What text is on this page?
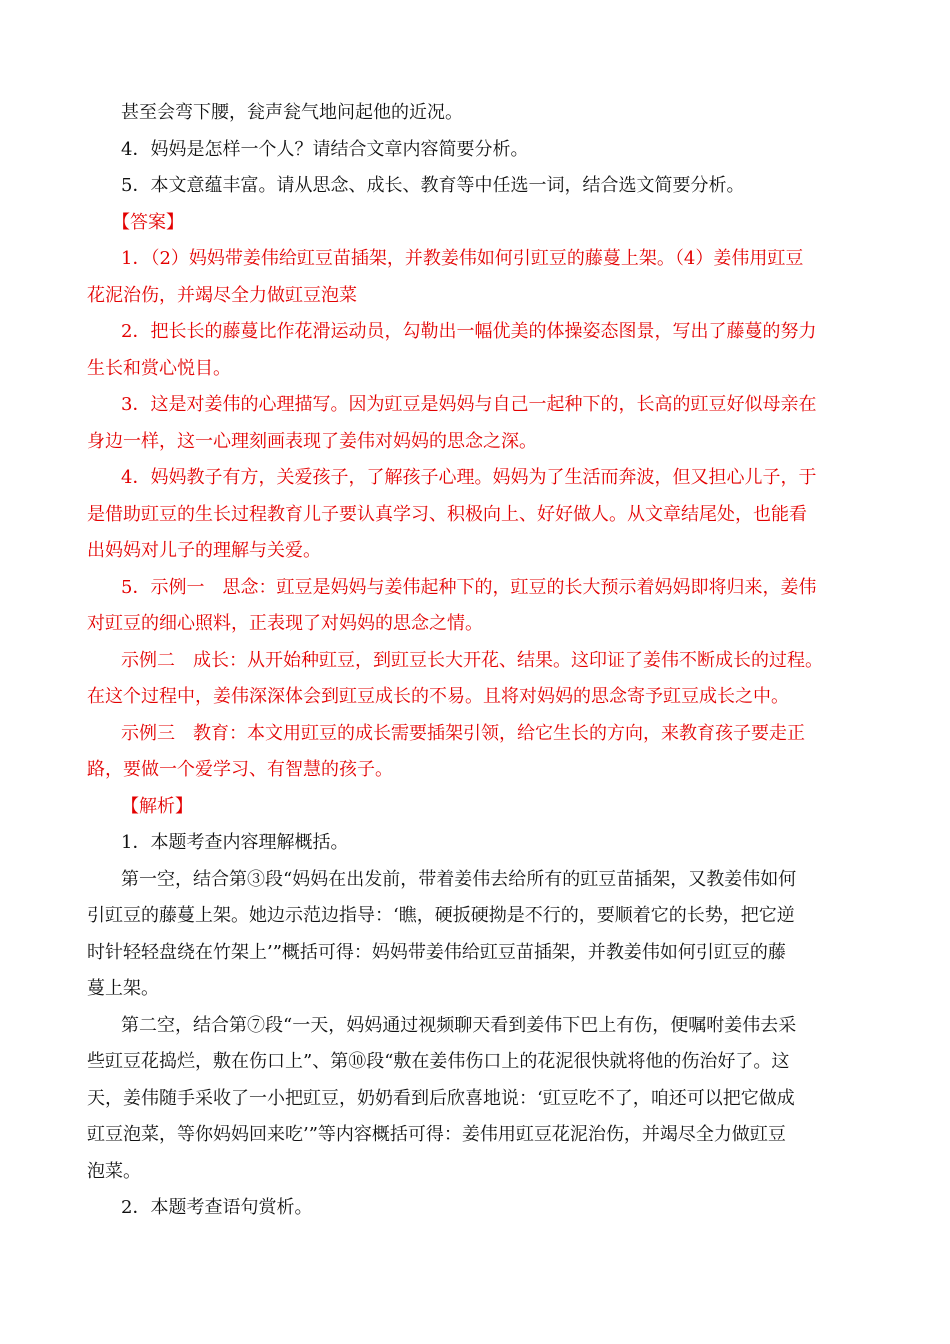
甚至会弯下腰，瓮声瓮气地问起他的近况。

4．妈妈是怎样一个人？请结合文章内容简要分析。

5．本文意蕴丰富。请从思念、成长、教育等中任选一词，结合选文简要分析。

【答案】

1．（2）妈妈带姜伟给豇豆苗插架，并教姜伟如何引豇豆的藤蔓上架。（4）姜伟用豇豆

花泥治伤，并竭尽全力做豇豆泡菜

2．把长长的藤蔓比作花滑运动员，勾勒出一幅优美的体操姿态图景，写出了藤蔓的努力

生长和赏心悦目。

3．这是对姜伟的心理描写。因为豇豆是妈妈与自己一起种下的，长高的豇豆好似母亲在

身边一样，这一心理刻画表现了姜伟对妈妈的思念之深。

4．妈妈教子有方，关爱孩子，了解孩子心理。妈妈为了生活而奔波，但又担心儿子，于

是借助豇豆的生长过程教育儿子要认真学习、积极向上、好好做人。从文章结尾处，也能看

出妈妈对儿子的理解与关爱。

5．示例一　思念：豇豆是妈妈与姜伟起种下的，豇豆的长大预示着妈妈即将归来，姜伟

对豇豆的细心照料，正表现了对妈妈的思念之情。

示例二　成长：从开始种豇豆，到豇豆长大开花、结果。这印证了姜伟不断成长的过程。

在这个过程中，姜伟深深体会到豇豆成长的不易。且将对妈妈的思念寄予豇豆成长之中。

示例三　教育：本文用豇豆的成长需要插架引领，给它生长的方向，来教育孩子要走正

路，要做一个爱学习、有智慧的孩子。

【解析】

1．本题考查内容理解概括。

第一空，结合第③段“妈妈在出发前，带着姜伟去给所有的豇豆苗插架，又教姜伟如何

引豇豆的藤蔓上架。她边示范边指导：‘瞧，硬扳硬拗是不行的，要顺着它的长势，把它逆

时针轻轻盘绕在竹架上’”概括可得：妈妈带姜伟给豇豆苗插架，并教姜伟如何引豇豆的藤

蔓上架。

第二空，结合第⑦段“一天，妈妈通过视频聊天看到姜伟下巴上有伤，便嘱咐姜伟去采

些豇豆花捣烂，敷在伤口上”、第⑩段“敷在姜伟伤口上的花泥很快就将他的伤治好了。这

天，姜伟随手采收了一小把豇豆，奶奶看到后欣喜地说：‘豇豆吃不了，咱还可以把它做成

豇豆泡菜，等你妈妈回来吃’”等内容概括可得：姜伟用豇豆花泥治伤，并竭尽全力做豇豆

泡菜。

2．本题考查语句赏析。
